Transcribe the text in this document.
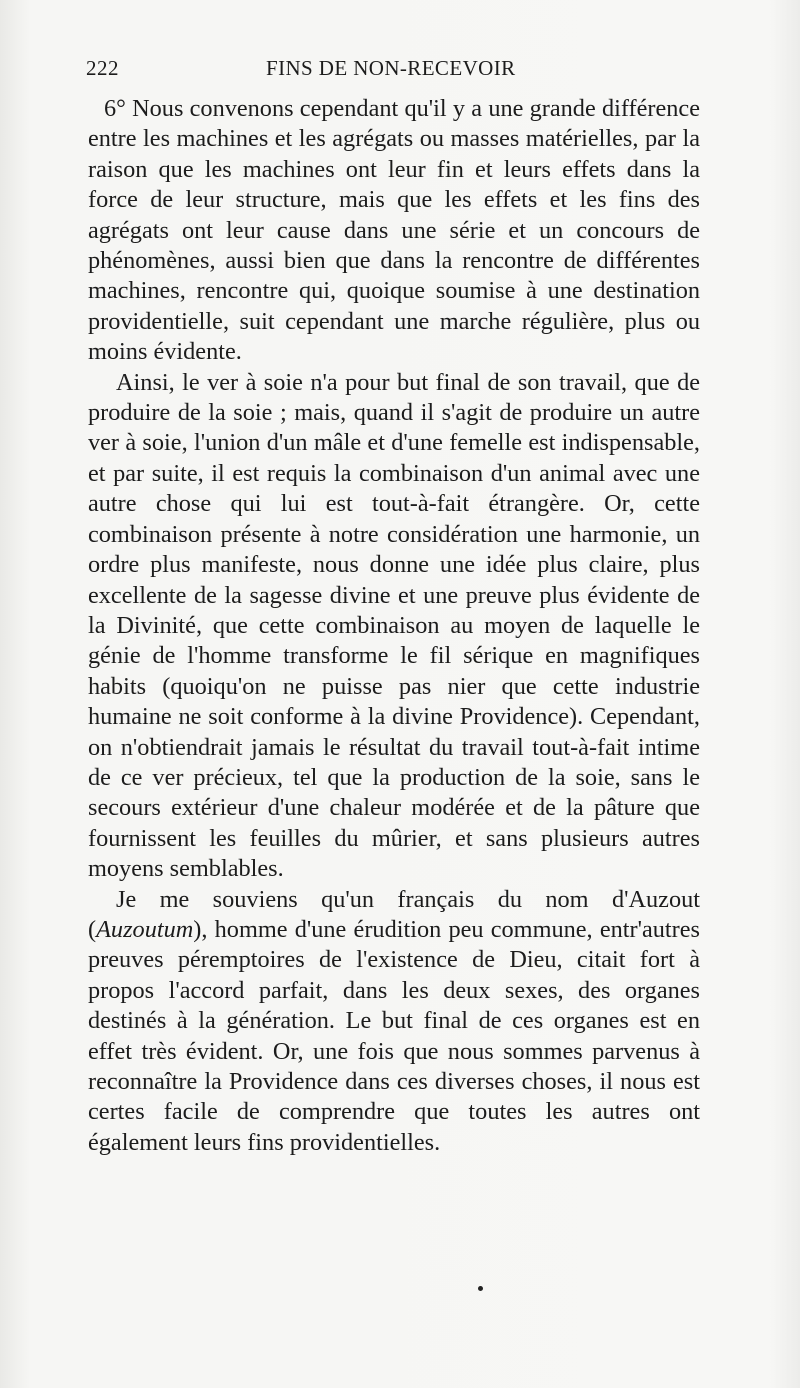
222	FINS DE NON-RECEVOIR

6° Nous convenons cependant qu'il y a une grande différence entre les machines et les agrégats ou masses matérielles, par la raison que les machines ont leur fin et leurs effets dans la force de leur structure, mais que les effets et les fins des agrégats ont leur cause dans une série et un concours de phénomènes, aussi bien que dans la rencontre de différentes machines, rencontre qui, quoique soumise à une destination providentielle, suit cependant une marche régulière, plus ou moins évidente.

Ainsi, le ver à soie n'a pour but final de son travail, que de produire de la soie ; mais, quand il s'agit de produire un autre ver à soie, l'union d'un mâle et d'une femelle est indispensable, et par suite, il est requis la combinaison d'un animal avec une autre chose qui lui est tout-à-fait étrangère. Or, cette combinaison présente à notre considération une harmonie, un ordre plus manifeste, nous donne une idée plus claire, plus excellente de la sagesse divine et une preuve plus évidente de la Divinité, que cette combinaison au moyen de laquelle le génie de l'homme transforme le fil sérique en magnifiques habits (quoiqu'on ne puisse pas nier que cette industrie humaine ne soit conforme à la divine Providence). Cependant, on n'obtiendrait jamais le résultat du travail tout-à-fait intime de ce ver précieux, tel que la production de la soie, sans le secours extérieur d'une chaleur modérée et de la pâture que fournissent les feuilles du mûrier, et sans plusieurs autres moyens semblables.

Je me souviens qu'un français du nom d'Auzout (Auzoutum), homme d'une érudition peu commune, entr'autres preuves péremptoires de l'existence de Dieu, citait fort à propos l'accord parfait, dans les deux sexes, des organes destinés à la génération. Le but final de ces organes est en effet très évident. Or, une fois que nous sommes parvenus à reconnaître la Providence dans ces diverses choses, il nous est certes facile de comprendre que toutes les autres ont également leurs fins providentielles.
